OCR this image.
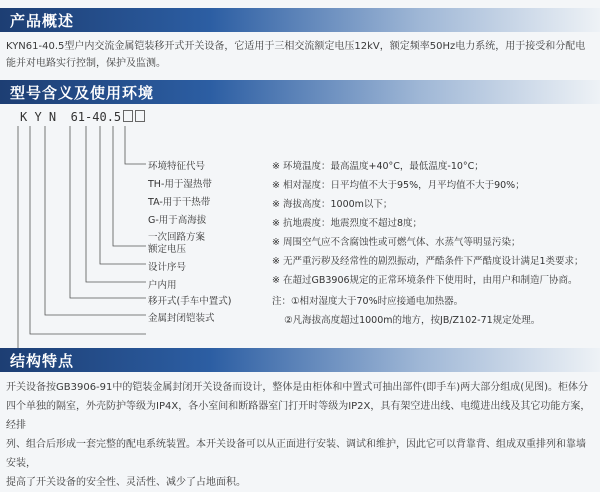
产品概述
KYN61-40.5型户内交流金属铠装移开式开关设备，它适用于三相交流额定电压12kV，额定频率50Hz电力系统，用于接受和分配电
能并对电路实行控制，保护及监测。
型号含义及使用环境
K Y N  61-40.5
环境特征代号
TH-用于湿热带
TA-用于干热带
G-用于高海拔
一次回路方案
额定电压
设计序号
户内用
移开式(手车中置式)
金属封闭铠装式
※ 环境温度：最高温度+40°C，最低温度-10°C；
※ 相对湿度：日平均值不大于95%，月平均值不大于90%；
※ 海拔高度：1000m以下；
※ 抗地震度：地震烈度不超过8度；
※ 周围空气应不含腐蚀性或可燃气体、水蒸气等明显污染；
※ 无严重污秽及经常性的剧烈振动，严酷条件下严酷度设计满足1类要求；
※ 在超过GB3906规定的正常环境条件下使用时，由用户和制造厂协商。
注：①相对湿度大于70%时应接通电加热器。
②凡海拔高度超过1000m的地方，按JB/Z102-71规定处理。
结构特点
开关设备按GB3906-91中的铠装金属封闭开关设备而设计，整体是由柜体和中置式可抽出部件(即手车)两大部分组成(见图)。柜体分
四个单独的隔室，外壳防护等级为IP4X，各小室间和断路器室门打开时等级为IP2X，具有架空进出线、电缆进出线及其它功能方案，经排
列、组合后形成一套完整的配电系统装置。本开关设备可以从正面进行安装、调试和维护，因此它可以背靠背、组成双重排列和靠墙安装，
提高了开关设备的安全性、灵活性、减少了占地面积。
